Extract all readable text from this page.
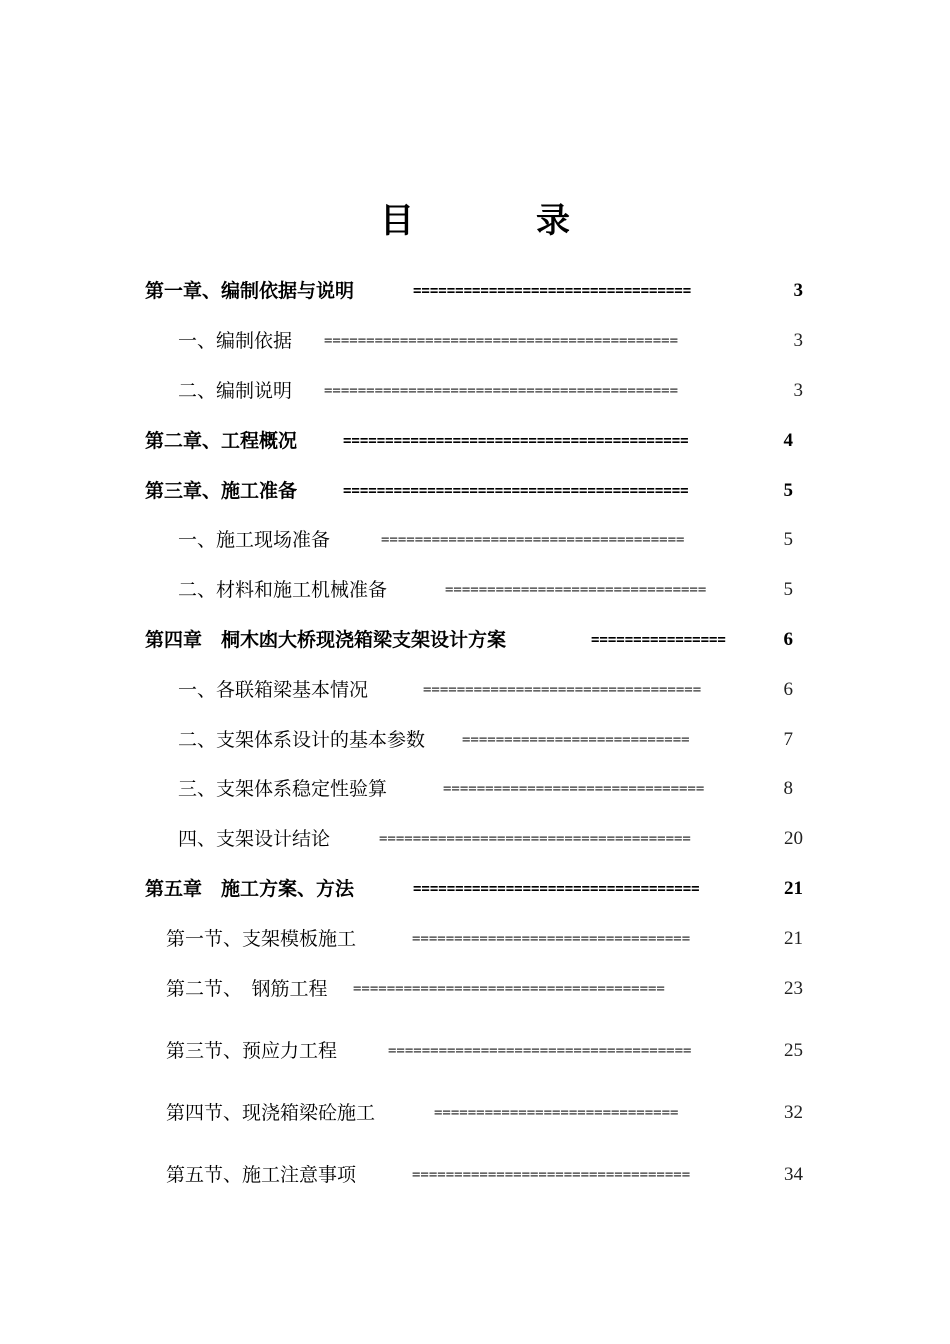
目　录
第一章、编制依据与说明	=================================	3
一、编制依据 ==========================================	3
二、编制说明 ==========================================	3
第二章、工程概况	=========================================	4
第三章、施工准备	=========================================	5
一、施工现场准备	====================================	5
二、材料和施工机械准备	===============================	5
第四章　桐木凼大桥现浇箱梁支架设计方案	================	6
一、各联箱梁基本情况	=================================	6
二、支架体系设计的基本参数	===========================	7
三、支架体系稳定性验算	===============================	8
四、支架设计结论	=====================================	20
第五章　施工方案、方法	==================================	21
第一节、支架模板施工	=================================	21
第二节、　钢筋工程 =====================================	23
第三节、预应力工程	====================================	25
第四节、现浇箱梁砼施工	=============================	32
第五节、施工注意事项	=================================	34
